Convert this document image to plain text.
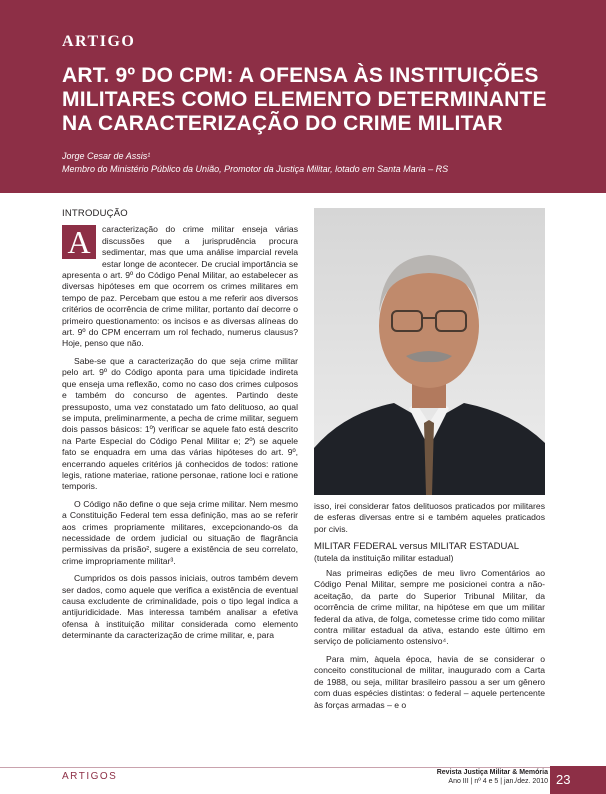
ARTIGO
ART. 9º DO CPM: A OFENSA ÀS INSTITUIÇÕES MILITARES COMO ELEMENTO DETERMINANTE NA CARACTERIZAÇÃO DO CRIME MILITAR
Jorge Cesar de Assis¹
Membro do Ministério Público da União, Promotor da Justiça Militar, lotado em Santa Maria – RS
INTRODUÇÃO

A	caracterização do crime militar enseja várias discussões que a jurisprudência procura sedimentar, mas que uma análise imparcial revela estar longe de acontecer. De crucial importância se apresenta o art. 9º do Código Penal Militar, ao estabelecer as diversas hipóteses em que ocorrem os crimes militares em tempo de paz. Percebam que estou a me referir aos diversos critérios de ocorrência de crime militar, portanto daí decorre o primeiro questionamento: os incisos e as diversas alíneas do art. 9º do CPM encerram um rol fechado, numerus clausus? Hoje, penso que não.

Sabe-se que a caracterização do que seja crime militar pelo art. 9º do Código aponta para uma tipicidade indireta que enseja uma reflexão, como no caso dos crimes culposos e também do concurso de agentes. Partindo deste pressuposto, uma vez constatado um fato delituoso, ao qual se imputa, preliminarmente, a pecha de crime militar, seguem dois passos básicos: 1º) verificar se aquele fato está descrito na Parte Especial do Código Penal Militar e; 2º) se aquele fato se enquadra em uma das várias hipóteses do art. 9º, encerrando aqueles critérios já conhecidos de todos: ratione legis, ratione materiae, ratione personae, ratione loci e ratione temporis.

O Código não define o que seja crime militar. Nem mesmo a Constituição Federal tem essa definição, mas ao se referir aos crimes propriamente militares, excepcionando-os da necessidade de ordem judicial ou situação de flagrância permissivas da prisão², sugere a existência de seu correlato, crime impropriamente militar³.

Cumpridos os dois passos iniciais, outros também devem ser dados, como aquele que verifica a existência de eventual causa excludente de criminalidade, pois o tipo legal indica a antijuridicidade. Mas interessa também analisar a efetiva ofensa à instituição militar considerada como elemento determinante da caracterização de crime militar, e, para

isso, irei considerar fatos delituosos praticados por militares de esferas diversas entre si e também aqueles praticados por civis.

MILITAR FEDERAL versus MILITAR ESTADUAL
(tutela da instituição militar estadual)

Nas primeiras edições de meu livro Comentários ao Código Penal Militar, sempre me posicionei contra a não-aceitação, da parte do Superior Tribunal Militar, da ocorrência de crime militar, na hipótese em que um militar federal da ativa, de folga, cometesse crime tido como militar contra militar estadual da ativa, estando este último em serviço de policiamento ostensivo⁴.

Para mim, àquela época, havia de se considerar o conceito constitucional de militar, inaugurado com a Carta de 1988, ou seja, militar brasileiro passou a ser um gênero com duas espécies distintas: o federal – aquele pertencente às forças armadas – e o

ARTIGOS	Revista Justiça Militar & Memória
Ano III | nº 4 e 5 | jan./dez. 2010 23
